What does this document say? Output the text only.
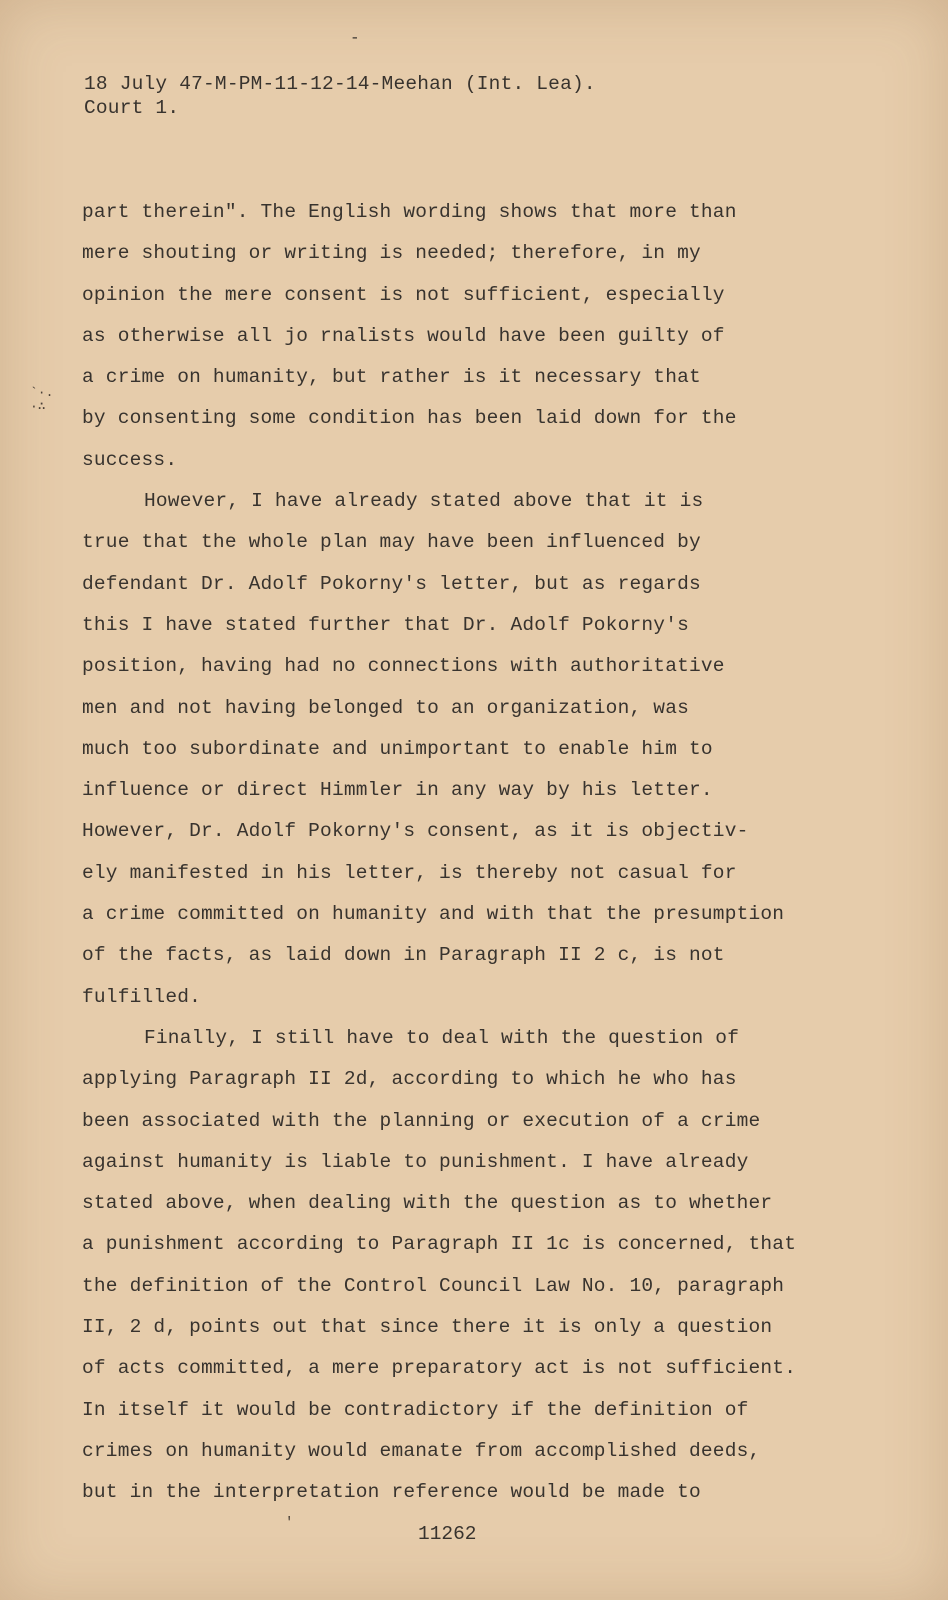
-
18 July 47-M-PM-11-12-14-Meehan (Int. Lea).
Court 1.
`·.
·∴
part therein". The English wording shows that more than
mere shouting or writing is needed; therefore, in my
opinion the mere consent is not sufficient, especially
as otherwise all jo rnalists would have been guilty of
a crime on humanity, but rather is it necessary that
by consenting some condition has been laid down for the
success.
However, I have already stated above that it is
true that the whole plan may have been influenced by
defendant Dr. Adolf Pokorny's letter, but as regards
this I have stated further that Dr. Adolf Pokorny's
position, having had no connections with authoritative
men and not having belonged to an organization, was
much too subordinate and unimportant to enable him to
influence or direct Himmler in any way by his letter.
However, Dr. Adolf Pokorny's consent, as it is objectiv-
ely manifested in his letter, is thereby not casual for
a crime committed on humanity and with that the presumption
of the facts, as laid down in Paragraph II 2 c, is not
fulfilled.
Finally, I still have to deal with the question of
applying Paragraph II 2d, according to which he who has
been associated with the planning or execution of a crime
against humanity is liable to punishment. I have already
stated above, when dealing with the question as to whether
a punishment according to Paragraph II 1c is concerned, that
the definition of the Control Council Law No. 10, paragraph
II, 2 d, points out that since there it is only a question
of acts committed, a mere preparatory act is not sufficient.
In itself it would be contradictory if the definition of
crimes on humanity would emanate from accomplished deeds,
but in the interpretation reference would be made to
'	11262
